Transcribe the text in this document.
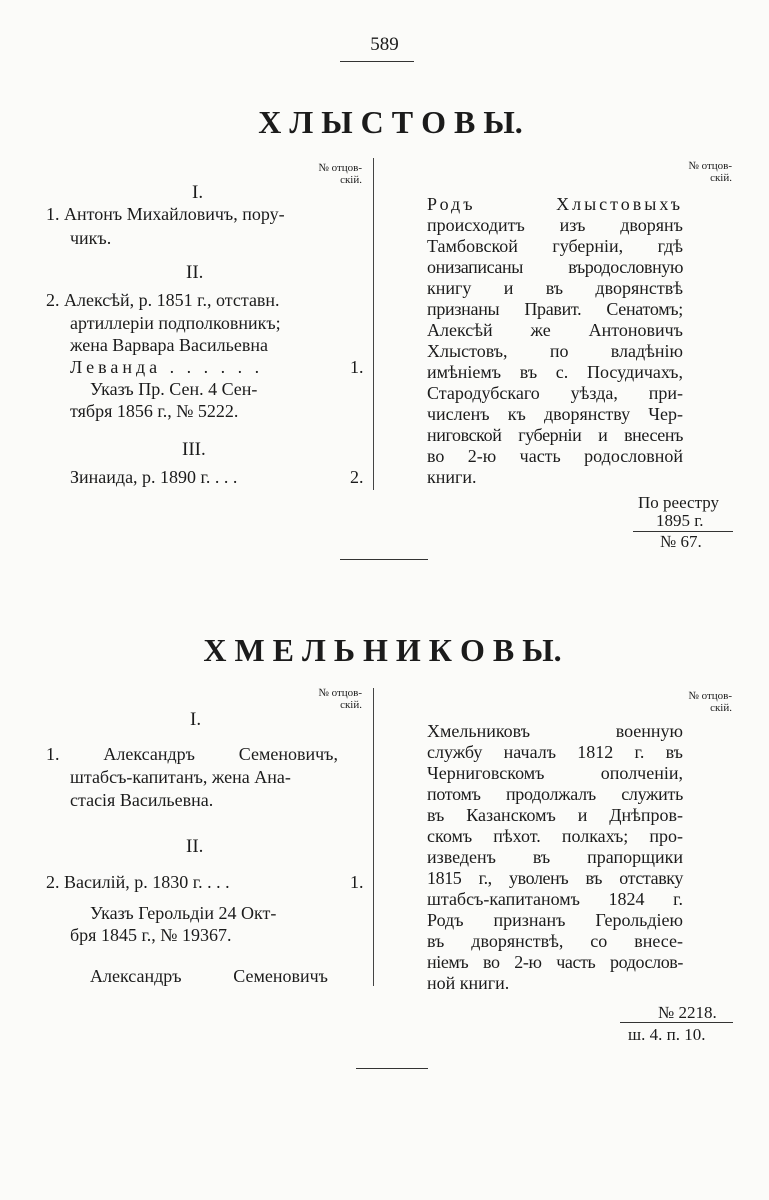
589
Х Л Ы С Т О В Ы.
№ отцов-
скій.
I.
1. Антонъ Михайловичъ, пору-
чикъ.
II.
2. Алексѣй, р. 1851 г., отставн.
артиллеріи подполковникъ;
жена Варвара Васильевна
Леванда . . . . . .	1.
Указъ Пр. Сен. 4 Сен-
тября 1856 г., № 5222.
III.
Зинаида, р. 1890 г. . . .	2.
№ отцов-
скій.
Родъ Хлыстовыхъ
происходитъ изъ дворянъ
Тамбовской губерніи, гдѣ
онизаписаны въродословную
книгу и въ дворянствѣ
признаны Правит. Сенатомъ;
Алексѣй же Антоновичъ
Хлыстовъ, по владѣнію
имѣніемъ въ с. Посудичахъ,
Стародубскаго уѣзда, при-
численъ къ дворянству Чер-
ниговской губерніи и внесенъ
во 2-ю часть родословной
книги.
По реестру
1895 г.
№ 67.
Х М Е Л Ь Н И К О В Ы.
№ отцов-
скій.
I.
1. Александръ Семеновичъ,
штабсъ-капитанъ, жена Ана-
стасія Васильевна.
II.
2. Василій, р. 1830 г. . . .	1.
Указъ Герольдіи 24 Окт-
бря 1845 г., № 19367.
Александръ Семеновичъ
№ отцов-
скій.
Хмельниковъ военную
службу началъ 1812 г. въ
Черниговскомъ ополченіи,
потомъ продолжалъ служить
въ Казанскомъ и Днѣпров-
скомъ пѣхот. полкахъ; про-
изведенъ въ прапорщики
1815 г., уволенъ въ отставку
штабсъ-капитаномъ 1824 г.
Родъ признанъ Герольдіею
въ дворянствѣ, со внесе-
ніемъ во 2-ю часть родослов-
ной книги.
№ 2218.
ш. 4. п. 10.
